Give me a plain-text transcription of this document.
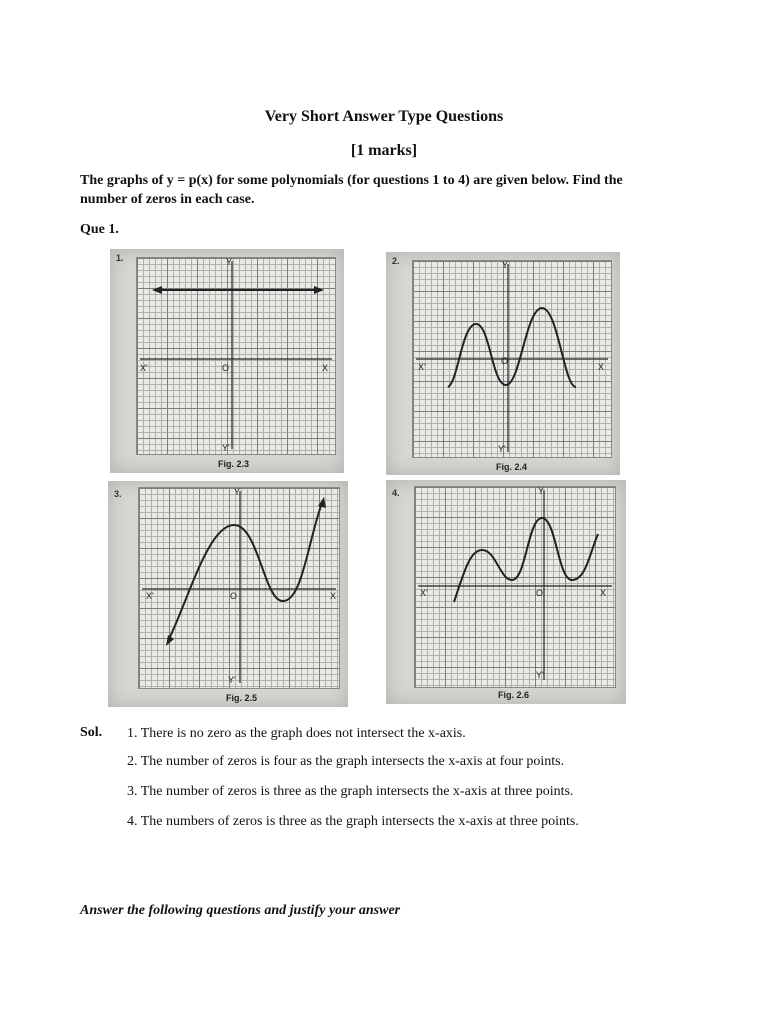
Very Short Answer Type Questions
[1 marks]
The graphs of y = p(x) for some polynomials (for questions 1 to 4) are given below. Find the
number of zeros in each case.
Que 1.
1.	Y
Y'
X
X'	O
Fig. 2.3
2.	Y
Y'
X
X'
O
Fig. 2.4
3.	Y
Y'
X
X'	O
Fig. 2.5
4.	Y
Y'
X
X'	O
Fig. 2.6
Sol. 1. There is no zero as the graph does not intersect the x-axis.
2. The number of zeros is four as the graph intersects the x-axis at four points.
3. The number of zeros is three as the graph intersects the x-axis at three points.
4. The numbers of zeros is three as the graph intersects the x-axis at three points.
Answer the following questions and justify your answer
